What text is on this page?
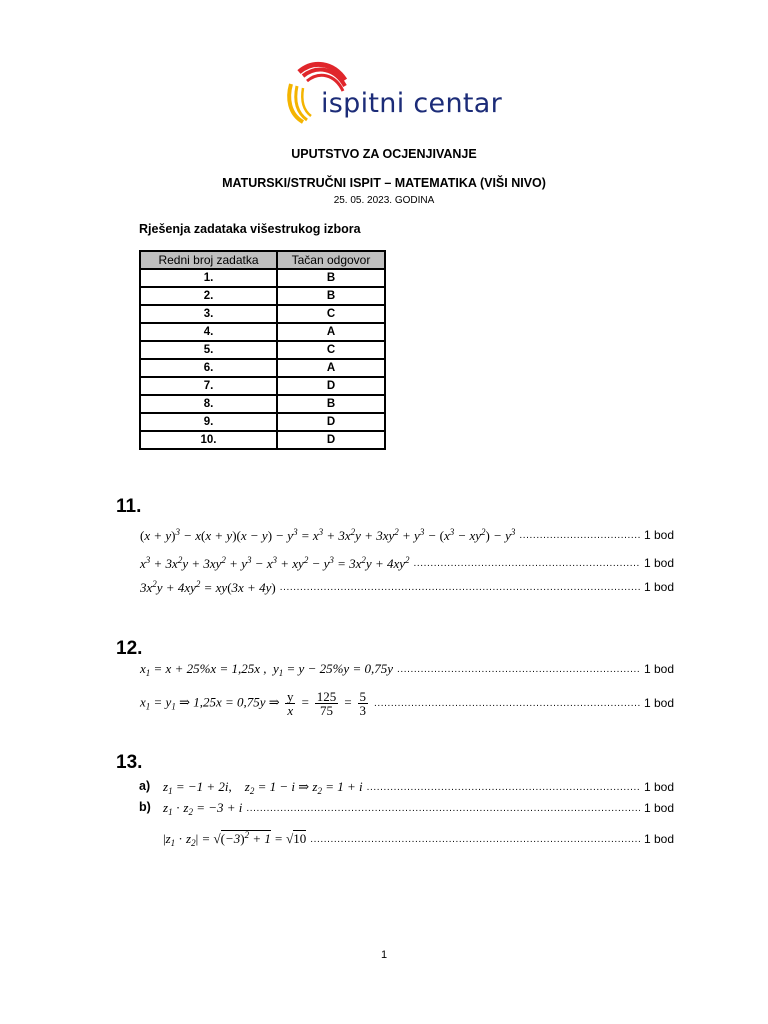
ispitni centar
UPUTSTVO ZA OCJENJIVANJE
MATURSKI/STRUČNI ISPIT – MATEMATIKA (VIŠI NIVO)
25. 05. 2023. GODINA
Rješenja zadataka višestrukog izbora
Redni broj zadatka	Tačan odgovor
1.	B
2.	B
3.	C
4.	A
5.	C
6.	A
7.	D
8.	B
9.	D
10.	D
11.
$(x + y)^3 - x(x + y)(x - y) - y^3 = x^3 + 3x^2y + 3xy^2 + y^3 - (x^3 - xy^2) - y^3$ .....	1 bod
$x^3 + 3x^2y + 3xy^2 + y^3 - x^3 + xy^2 - y^3 = 3x^2y + 4xy^2$ .....	1 bod
$3x^2y + 4xy^2 = xy(3x + 4y)$ .....	1 bod
12.
$x_1 = x + 25\%x = 1,25x$ ,  $y_1 = y - 25\%y = 0,75y$ .....	1 bod
$x_1 = y_1$ ⇒ 1,25x = 0,75y ⇒ $\frac{y}{x} = \frac{125}{75} = \frac{5}{3}$ .....	1 bod
13.
a) $z_1 = -1 + 2i$,    $z_2 = 1 - i$ ⇒ $z_2 = 1 + i$ .....	1 bod
b) $z_1 \cdot z_2 = -3 + i$ .....	1 bod
$|z_1 \cdot z_2| = √(-3)^2 + 1 = √10$ .....	1 bod
1
